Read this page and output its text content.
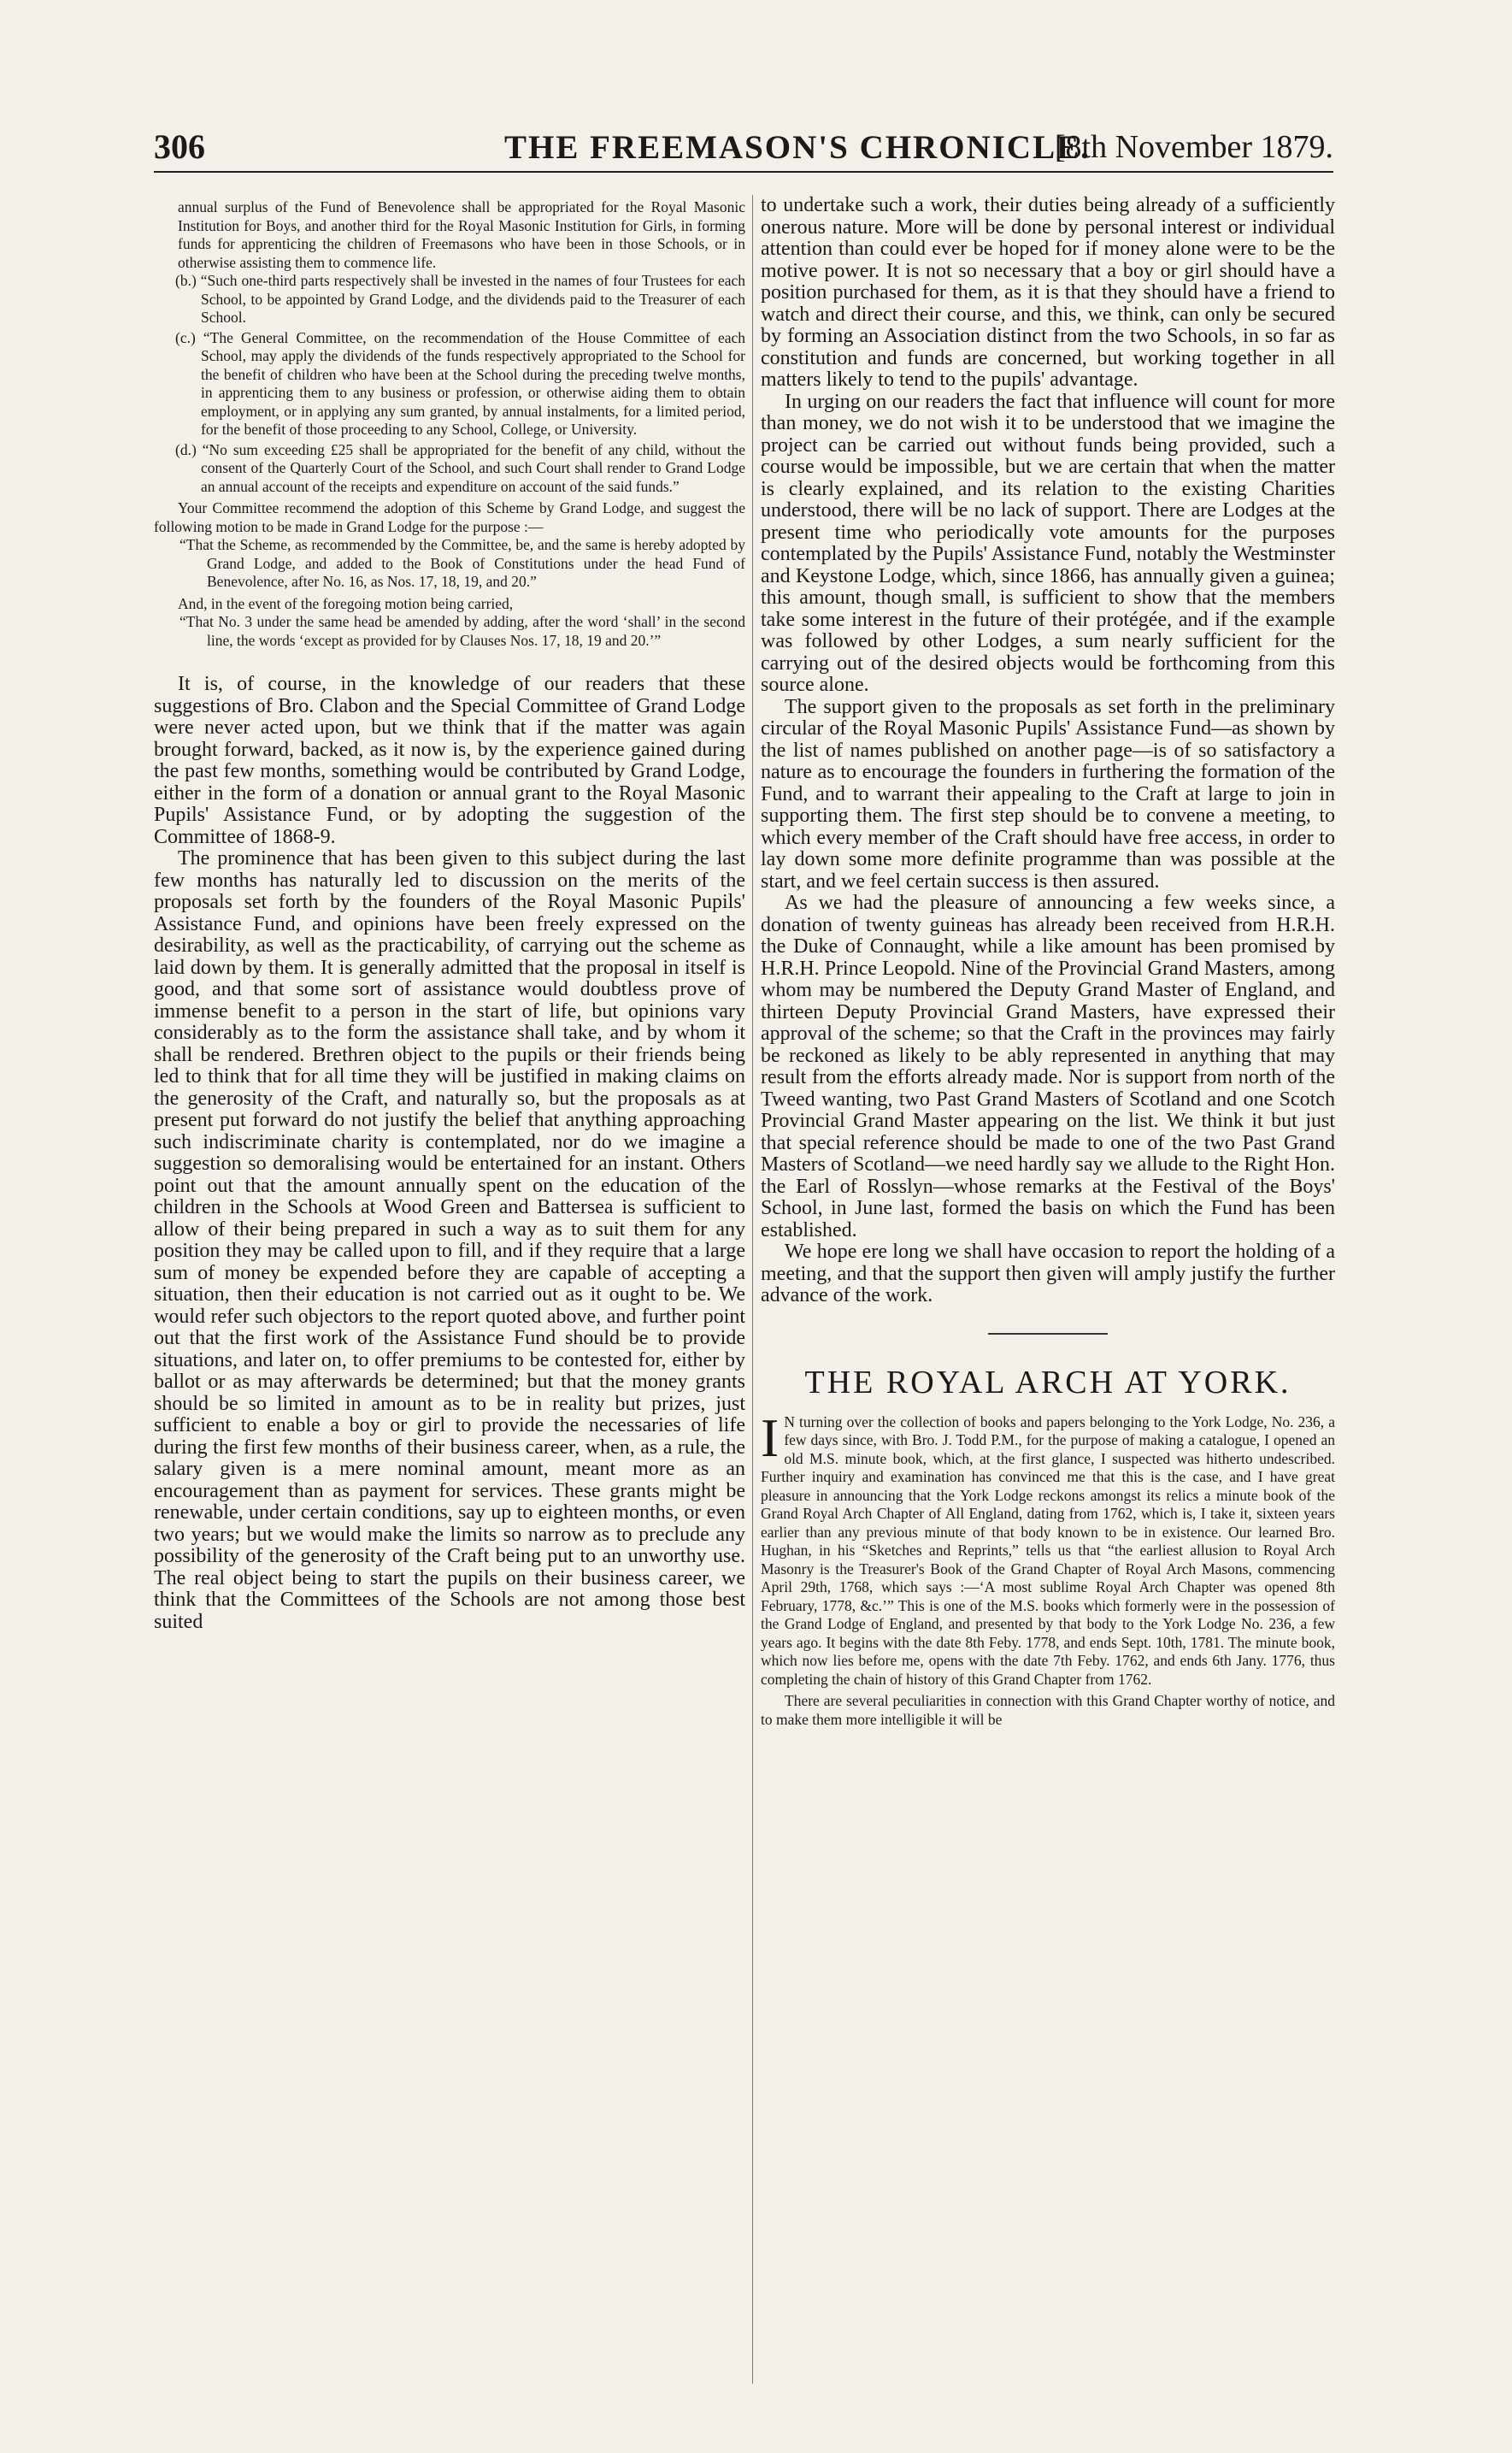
306	THE FREEMASON'S CHRONICLE.
[8th November 1879.

annual surplus of the Fund of Benevolence shall be appropriated for the Royal Masonic Institution for Boys, and another third for the Royal Masonic Institution for Girls, in forming funds for apprenticing the children of Freemasons who have been in those Schools, or in otherwise assisting them to commence life.

(b.) “Such one-third parts respectively shall be invested in the names of four Trustees for each School, to be appointed by Grand Lodge, and the dividends paid to the Treasurer of each School.

(c.) “The General Committee, on the recommendation of the House Committee of each School, may apply the dividends of the funds respectively appropriated to the School for the benefit of children who have been at the School during the preceding twelve months, in apprenticing them to any business or profession, or otherwise aiding them to obtain employment, or in applying any sum granted, by annual instalments, for a limited period, for the benefit of those proceeding to any School, College, or University.

(d.) “No sum exceeding £25 shall be appropriated for the benefit of any child, without the consent of the Quarterly Court of the School, and such Court shall render to Grand Lodge an annual account of the receipts and expenditure on account of the said funds.”

Your Committee recommend the adoption of this Scheme by Grand Lodge, and suggest the following motion to be made in Grand Lodge for the purpose :—

“That the Scheme, as recommended by the Committee, be, and the same is hereby adopted by Grand Lodge, and added to the Book of Constitutions under the head Fund of Benevolence, after No. 16, as Nos. 17, 18, 19, and 20.”

And, in the event of the foregoing motion being carried,

“That No. 3 under the same head be amended by adding, after the word ‘shall’ in the second line, the words ‘except as provided for by Clauses Nos. 17, 18, 19 and 20.’”

It is, of course, in the knowledge of our readers that these suggestions of Bro. Clabon and the Special Committee of Grand Lodge were never acted upon, but we think that if the matter was again brought forward, backed, as it now is, by the experience gained during the past few months, something would be contributed by Grand Lodge, either in the form of a donation or annual grant to the Royal Masonic Pupils' Assistance Fund, or by adopting the suggestion of the Committee of 1868-9.

The prominence that has been given to this subject during the last few months has naturally led to discussion on the merits of the proposals set forth by the founders of the Royal Masonic Pupils' Assistance Fund, and opinions have been freely expressed on the desirability, as well as the practicability, of carrying out the scheme as laid down by them. It is generally admitted that the proposal in itself is good, and that some sort of assistance would doubtless prove of immense benefit to a person in the start of life, but opinions vary considerably as to the form the assistance shall take, and by whom it shall be rendered. Brethren object to the pupils or their friends being led to think that for all time they will be justified in making claims on the generosity of the Craft, and naturally so, but the proposals as at present put forward do not justify the belief that anything approaching such indiscriminate charity is contemplated, nor do we imagine a suggestion so demoralising would be entertained for an instant. Others point out that the amount annually spent on the education of the children in the Schools at Wood Green and Battersea is sufficient to allow of their being prepared in such a way as to suit them for any position they may be called upon to fill, and if they require that a large sum of money be expended before they are capable of accepting a situation, then their education is not carried out as it ought to be. We would refer such objectors to the report quoted above, and further point out that the first work of the Assistance Fund should be to provide situations, and later on, to offer premiums to be contested for, either by ballot or as may afterwards be determined; but that the money grants should be so limited in amount as to be in reality but prizes, just sufficient to enable a boy or girl to provide the necessaries of life during the first few months of their business career, when, as a rule, the salary given is a mere nominal amount, meant more as an encouragement than as payment for services. These grants might be renewable, under certain conditions, say up to eighteen months, or even two years; but we would make the limits so narrow as to preclude any possibility of the generosity of the Craft being put to an unworthy use. The real object being to start the pupils on their business career, we think that the Committees of the Schools are not among those best suited

to undertake such a work, their duties being already of a sufficiently onerous nature. More will be done by personal interest or individual attention than could ever be hoped for if money alone were to be the motive power. It is not so necessary that a boy or girl should have a position purchased for them, as it is that they should have a friend to watch and direct their course, and this, we think, can only be secured by forming an Association distinct from the two Schools, in so far as constitution and funds are concerned, but working together in all matters likely to tend to the pupils' advantage.

In urging on our readers the fact that influence will count for more than money, we do not wish it to be understood that we imagine the project can be carried out without funds being provided, such a course would be impossible, but we are certain that when the matter is clearly explained, and its relation to the existing Charities understood, there will be no lack of support. There are Lodges at the present time who periodically vote amounts for the purposes contemplated by the Pupils' Assistance Fund, notably the Westminster and Keystone Lodge, which, since 1866, has annually given a guinea; this amount, though small, is sufficient to show that the members take some interest in the future of their protégée, and if the example was followed by other Lodges, a sum nearly sufficient for the carrying out of the desired objects would be forthcoming from this source alone.

The support given to the proposals as set forth in the preliminary circular of the Royal Masonic Pupils' Assistance Fund—as shown by the list of names published on another page—is of so satisfactory a nature as to encourage the founders in furthering the formation of the Fund, and to warrant their appealing to the Craft at large to join in supporting them. The first step should be to convene a meeting, to which every member of the Craft should have free access, in order to lay down some more definite programme than was possible at the start, and we feel certain success is then assured.

As we had the pleasure of announcing a few weeks since, a donation of twenty guineas has already been received from H.R.H. the Duke of Connaught, while a like amount has been promised by H.R.H. Prince Leopold. Nine of the Provincial Grand Masters, among whom may be numbered the Deputy Grand Master of England, and thirteen Deputy Provincial Grand Masters, have expressed their approval of the scheme; so that the Craft in the provinces may fairly be reckoned as likely to be ably represented in anything that may result from the efforts already made. Nor is support from north of the Tweed wanting, two Past Grand Masters of Scotland and one Scotch Provincial Grand Master appearing on the list. We think it but just that special reference should be made to one of the two Past Grand Masters of Scotland—we need hardly say we allude to the Right Hon. the Earl of Rosslyn—whose remarks at the Festival of the Boys' School, in June last, formed the basis on which the Fund has been established.

We hope ere long we shall have occasion to report the holding of a meeting, and that the support then given will amply justify the further advance of the work.

THE ROYAL ARCH AT YORK.

I N turning over the collection of books and papers belonging to the York Lodge, No. 236, a few days since, with Bro. J. Todd P.M., for the purpose of making a catalogue, I opened an old M.S. minute book, which, at the first glance, I suspected was hitherto undescribed. Further inquiry and examination has convinced me that this is the case, and I have great pleasure in announcing that the York Lodge reckons amongst its relics a minute book of the Grand Royal Arch Chapter of All England, dating from 1762, which is, I take it, sixteen years earlier than any previous minute of that body known to be in existence. Our learned Bro. Hughan, in his “Sketches and Reprints,” tells us that “the earliest allusion to Royal Arch Masonry is the Treasurer's Book of the Grand Chapter of Royal Arch Masons, commencing April 29th, 1768, which says :—‘A most sublime Royal Arch Chapter was opened 8th February, 1778, &c.’” This is one of the M.S. books which formerly were in the possession of the Grand Lodge of England, and presented by that body to the York Lodge No. 236, a few years ago. It begins with the date 8th Feby. 1778, and ends Sept. 10th, 1781. The minute book, which now lies before me, opens with the date 7th Feby. 1762, and ends 6th Jany. 1776, thus completing the chain of history of this Grand Chapter from 1762.

There are several peculiarities in connection with this Grand Chapter worthy of notice, and to make them more intelligible it will be
